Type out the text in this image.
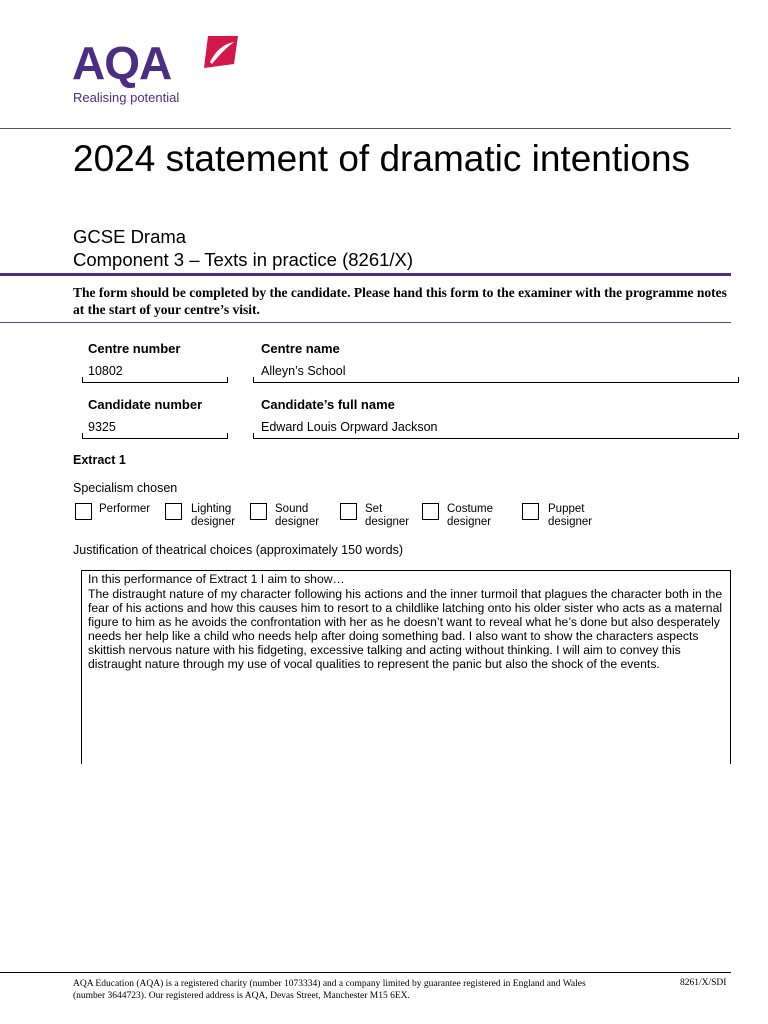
AQA
Realising potential
2024 statement of dramatic intentions
GCSE Drama
Component 3 – Texts in practice (8261/X)
The form should be completed by the candidate. Please hand this form to the examiner with the programme notes at the start of your centre’s visit.
Centre number
10802
Centre name
Alleyn’s School
Candidate number
9325
Candidate’s full name
Edward Louis Orpward Jackson
Extract 1
Specialism chosen
Performer	Lighting
designer
Sound
designer
Set
designer
Costume
designer
Puppet
designer
Justification of theatrical choices (approximately 150 words)
In this performance of Extract 1 I aim to show…
The distraught nature of my character following his actions and the inner turmoil that plagues the character both in the fear of his actions and how this causes him to resort to a childlike latching onto his older sister who acts as a maternal figure to him as he avoids the confrontation with her as he doesn’t want to reveal what he’s done but also desperately needs her help like a child who needs help after doing something bad. I also want to show the characters aspects skittish nervous nature with his fidgeting, excessive talking and acting without thinking. I will aim to convey this distraught nature through my use of vocal qualities to represent the panic but also the shock of the events.
AQA Education (AQA) is a registered charity (number 1073334) and a company limited by guarantee registered in England and Wales (number 3644723). Our registered address is AQA, Devas Street, Manchester M15 6EX.
8261/X/SDI
